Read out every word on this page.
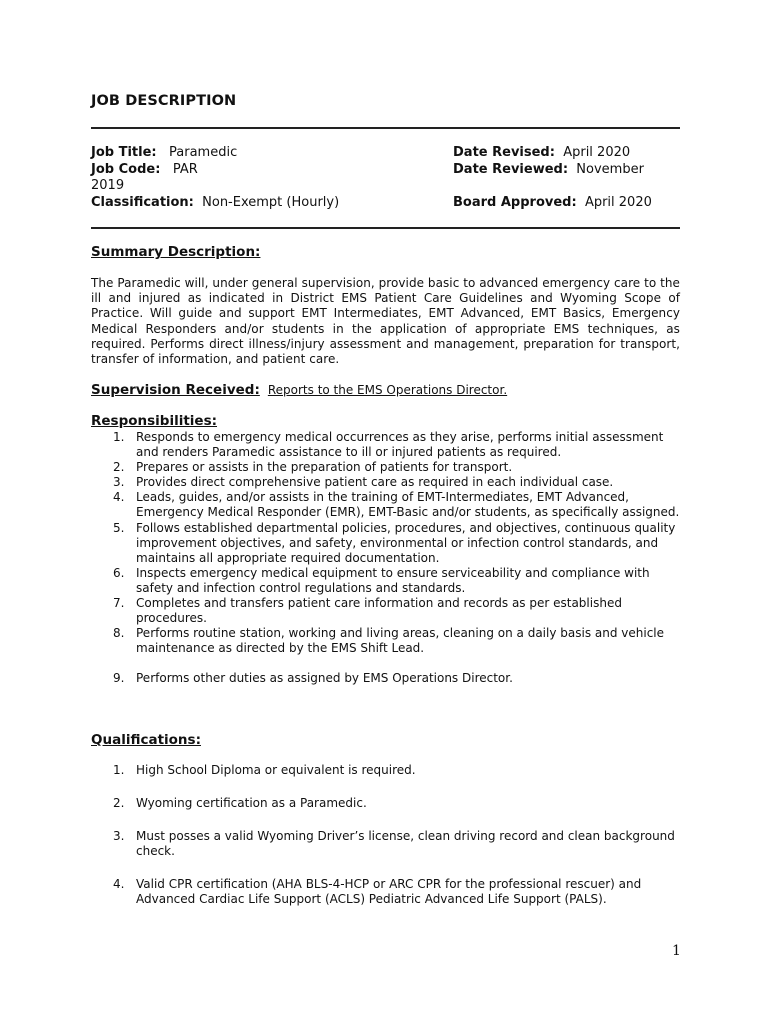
JOB DESCRIPTION
Job Title: Paramedic
Job Code: PAR
2019
Classification: Non-Exempt (Hourly)
Date Revised: April 2020
Date Reviewed: November
Board Approved: April 2020
Summary Description:
The Paramedic will, under general supervision, provide basic to advanced emergency care to the ill and injured as indicated in District EMS Patient Care Guidelines and Wyoming Scope of Practice. Will guide and support EMT Intermediates, EMT Advanced, EMT Basics, Emergency Medical Responders and/or students in the application of appropriate EMS techniques, as required. Performs direct illness/injury assessment and management, preparation for transport, transfer of information, and patient care.
Supervision Received: Reports to the EMS Operations Director.
Responsibilities:
1. Responds to emergency medical occurrences as they arise, performs initial assessment and renders Paramedic assistance to ill or injured patients as required.
2. Prepares or assists in the preparation of patients for transport.
3. Provides direct comprehensive patient care as required in each individual case.
4. Leads, guides, and/or assists in the training of EMT-Intermediates, EMT Advanced, Emergency Medical Responder (EMR), EMT-Basic and/or students, as specifically assigned.
5. Follows established departmental policies, procedures, and objectives, continuous quality improvement objectives, and safety, environmental or infection control standards, and maintains all appropriate required documentation.
6. Inspects emergency medical equipment to ensure serviceability and compliance with safety and infection control regulations and standards.
7. Completes and transfers patient care information and records as per established procedures.
8. Performs routine station, working and living areas, cleaning on a daily basis and vehicle maintenance as directed by the EMS Shift Lead.
9. Performs other duties as assigned by EMS Operations Director.
Qualifications:
1. High School Diploma or equivalent is required.
2. Wyoming certification as a Paramedic.
3. Must posses a valid Wyoming Driver’s license, clean driving record and clean background check.
4. Valid CPR certification (AHA BLS-4-HCP or ARC CPR for the professional rescuer) and Advanced Cardiac Life Support (ACLS) Pediatric Advanced Life Support (PALS).
1
